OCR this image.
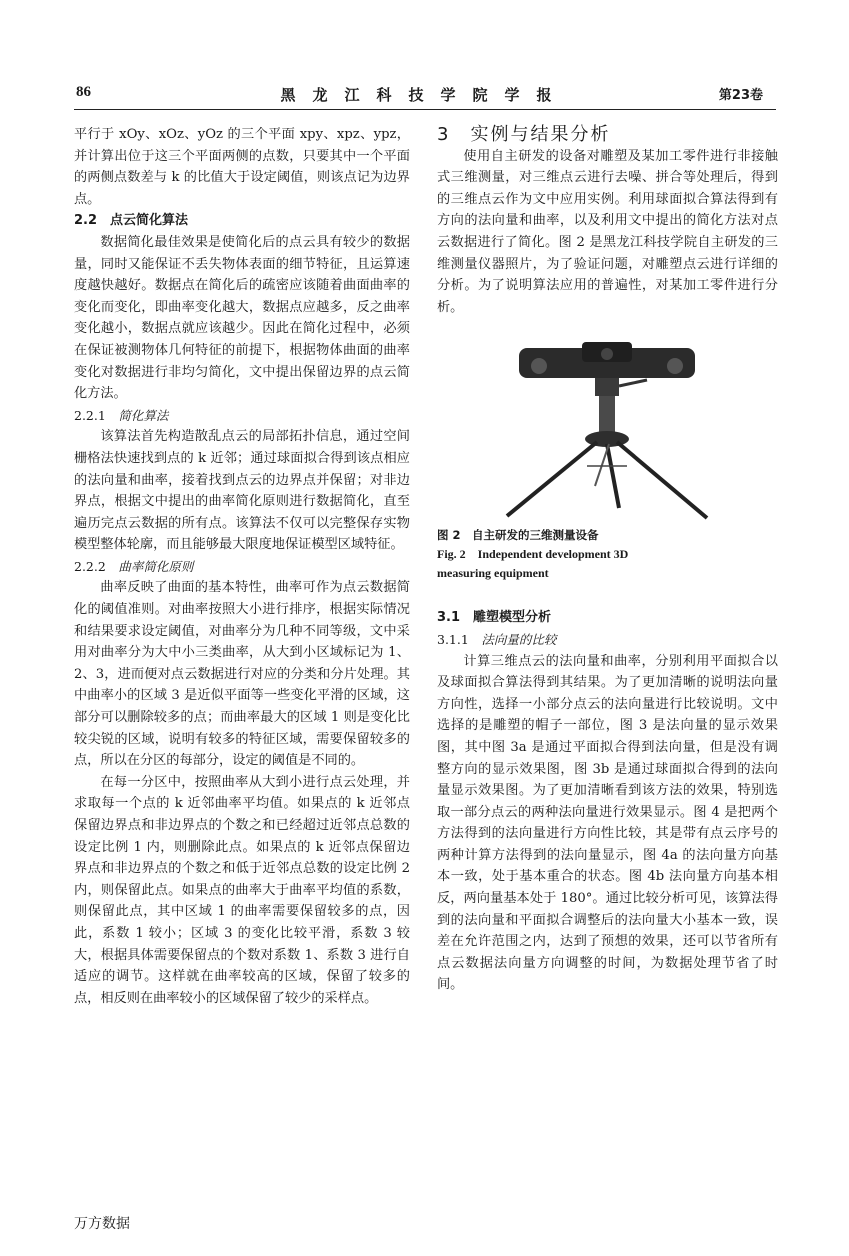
86	黑龙江科技学院学报	第23卷

平行于 xOy、xOz、yOz 的三个平面 xpy、xpz、ypz，并计算出位于这三个平面两侧的点数，只要其中一个平面的两侧点数差与 k 的比值大于设定阈值，则该点记为边界点。

2.2　点云简化算法

数据简化最佳效果是使简化后的点云具有较少的数据量，同时又能保证不丢失物体表面的细节特征，且运算速度越快越好。数据点在简化后的疏密应该随着曲面曲率的变化而变化，即曲率变化越大，数据点应越多，反之曲率变化越小，数据点就应该越少。因此在简化过程中，必须在保证被测物体几何特征的前提下，根据物体曲面的曲率变化对数据进行非均匀简化，文中提出保留边界的点云简化方法。

2.2.1　 简化算法

该算法首先构造散乱点云的局部拓扑信息，通过空间栅格法快速找到点的 k 近邻；通过球面拟合得到该点相应的法向量和曲率，接着找到点云的边界点并保留；对非边界点，根据文中提出的曲率简化原则进行数据简化，直至遍历完点云数据的所有点。该算法不仅可以完整保存实物模型整体轮廓，而且能够最大限度地保证模型区域特征。

2.2.2　 曲率简化原则

曲率反映了曲面的基本特性，曲率可作为点云数据简化的阈值准则。对曲率按照大小进行排序，根据实际情况和结果要求设定阈值，对曲率分为几种不同等级，文中采用对曲率分为大中小三类曲率，从大到小区域标记为 1、2、3，进而便对点云数据进行对应的分类和分片处理。其中曲率小的区域 3 是近似平面等一些变化平滑的区域，这部分可以删除较多的点；而曲率最大的区域 1 则是变化比较尖锐的区域，说明有较多的特征区域，需要保留较多的点，所以在分区的每部分，设定的阈值是不同的。

在每一分区中，按照曲率从大到小进行点云处理，并求取每一个点的 k 近邻曲率平均值。如果点的 k 近邻点保留边界点和非边界点的个数之和已经超过近邻点总数的设定比例 1 内，则删除此点。如果点的 k 近邻点保留边界点和非边界点的个数之和低于近邻点总数的设定比例 2 内，则保留此点。如果点的曲率大于曲率平均值的系数，则保留此点，其中区域 1 的曲率需要保留较多的点，因此，系数 1 较小；区域 3 的变化比较平滑，系数 3 较大，根据具体需要保留点的个数对系数 1、系数 3 进行自适应的调节。这样就在曲率较高的区域，保留了较多的点，相反则在曲率较小的区域保留了较少的采样点。

3　实例与结果分析

使用自主研发的设备对雕塑及某加工零件进行非接触式三维测量，对三维点云进行去噪、拼合等处理后，得到的三维点云作为文中应用实例。利用球面拟合算法得到有方向的法向量和曲率，以及利用文中提出的简化方法对点云数据进行了简化。图 2 是黑龙江科技学院自主研发的三维测量仪器照片，为了验证问题，对雕塑点云进行详细的分析。为了说明算法应用的普遍性，对某加工零件进行分析。

图 2　自主研发的三维测量设备

Fig. 2　Independent development 3D

measuring equipment

3.1　雕塑模型分析

3.1.1　 法向量的比较

计算三维点云的法向量和曲率，分别利用平面拟合以及球面拟合算法得到其结果。为了更加清晰的说明法向量方向性，选择一小部分点云的法向量进行比较说明。文中选择的是雕塑的帽子一部位，图 3 是法向量的显示效果图，其中图 3a 是通过平面拟合得到法向量，但是没有调整方向的显示效果图，图 3b 是通过球面拟合得到的法向量显示效果图。为了更加清晰看到该方法的效果，特别选取一部分点云的两种法向量进行效果显示。图 4 是把两个方法得到的法向量进行方向性比较，其是带有点云序号的两种计算方法得到的法向量显示，图 4a 的法向量方向基本一致，处于基本重合的状态。图 4b 法向量方向基本相反，两向量基本处于 180°。通过比较分析可见，该算法得到的法向量和平面拟合调整后的法向量大小基本一致，误差在允许范围之内，达到了预想的效果，还可以节省所有点云数据法向量方向调整的时间，为数据处理节省了时间。

万方数据
